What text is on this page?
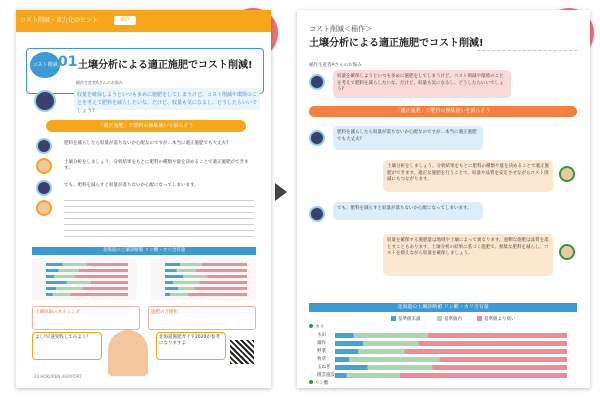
コスト削減・省力化のヒント	稲作
コスト削減 01 土壌分析による適正施肥でコスト削減!
稲作生産者Aさんのお悩み
収量を確保しようといつも多めに施肥をしてしまうけど、コスト削減や環境のことを考えて肥料を減らしたいな。だけど、収量も気になるし、どうしたらいいでしょう?
「適正施肥」で肥料の無駄使いを減らそう
肥料を減らしたら収量が落ちないか心配なのですが…本当に適正施肥でも大丈夫?
土壌分析をしましょう。分析結果をもとに肥料の種類や量を決めることで適正施肥ができます。
でも、肥料を減らすと収量が落ちないか心配になってしまいます。
北海道の土壌診断値 リン酸・カリ含有量
土壌採取のタイミング	施肥の合理化
よし!早速実践してみよう!	北海道施肥ガイド2020が参考になりますよ
24 HOKUREN AGRIPORT
コスト削減＜稲作＞
土壌分析による適正施肥でコスト削減!
稲作生産者Aさんのお悩み
収量を確保しようといつも多めに施肥をしてしまうけど、コスト削減や環境のことを考えて肥料を減らしたいな。だけど、収量も気になるし、どうしたらいいでしょう?
「適正施肥」で肥料の無駄使いを減らそう
肥料を減らしたら収量が落ちないか心配なのですが…本当に適正施肥でも大丈夫?
土壌分析をしましょう。分析結果をもとに肥料の種類や量を決めることで適正施肥ができます。適正な施肥を行うことで、収量や品質を安定させながらコスト削減にもつながります。
でも、肥料を減らすと収量が落ちないか心配になってしまいます。
収量を確保する施肥量は地域や土壌によって異なります。過剰な施肥は品質を落とすこともあります。土壌分析の結果に基づく施肥で、無駄な肥料を減らし、コストを抑えながら収量を確保しましょう。
北海道の土壌診断値 リン酸・カリ含有量
基準値未満	基準値内	基準値より高い
カリ
水田
畑作
野菜
牧草
玉ねぎ
園芸施設
リン酸
